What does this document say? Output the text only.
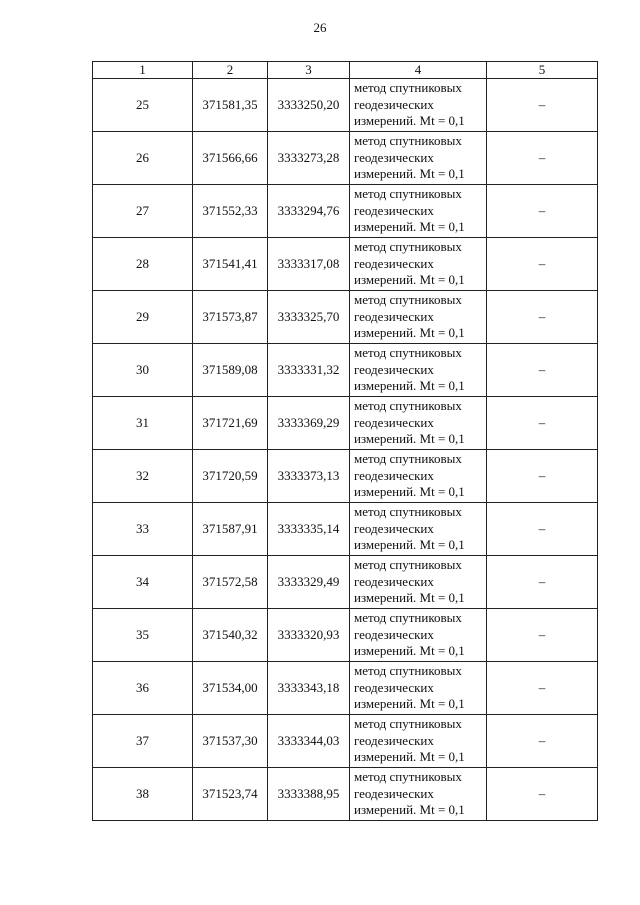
26
1	2	3	4	5
25	371581,35	3333250,20	метод спутниковых
геодезических
измерений. Mt = 0,1	–
26	371566,66	3333273,28	метод спутниковых
геодезических
измерений. Mt = 0,1	–
27	371552,33	3333294,76	метод спутниковых
геодезических
измерений. Mt = 0,1	–
28	371541,41	3333317,08	метод спутниковых
геодезических
измерений. Mt = 0,1	–
29	371573,87	3333325,70	метод спутниковых
геодезических
измерений. Mt = 0,1	–
30	371589,08	3333331,32	метод спутниковых
геодезических
измерений. Mt = 0,1	–
31	371721,69	3333369,29	метод спутниковых
геодезических
измерений. Mt = 0,1	–
32	371720,59	3333373,13	метод спутниковых
геодезических
измерений. Mt = 0,1	–
33	371587,91	3333335,14	метод спутниковых
геодезических
измерений. Mt = 0,1	–
34	371572,58	3333329,49	метод спутниковых
геодезических
измерений. Mt = 0,1	–
35	371540,32	3333320,93	метод спутниковых
геодезических
измерений. Mt = 0,1	–
36	371534,00	3333343,18	метод спутниковых
геодезических
измерений. Mt = 0,1	–
37	371537,30	3333344,03	метод спутниковых
геодезических
измерений. Mt = 0,1	–
38	371523,74	3333388,95	метод спутниковых
геодезических
измерений. Mt = 0,1	–
